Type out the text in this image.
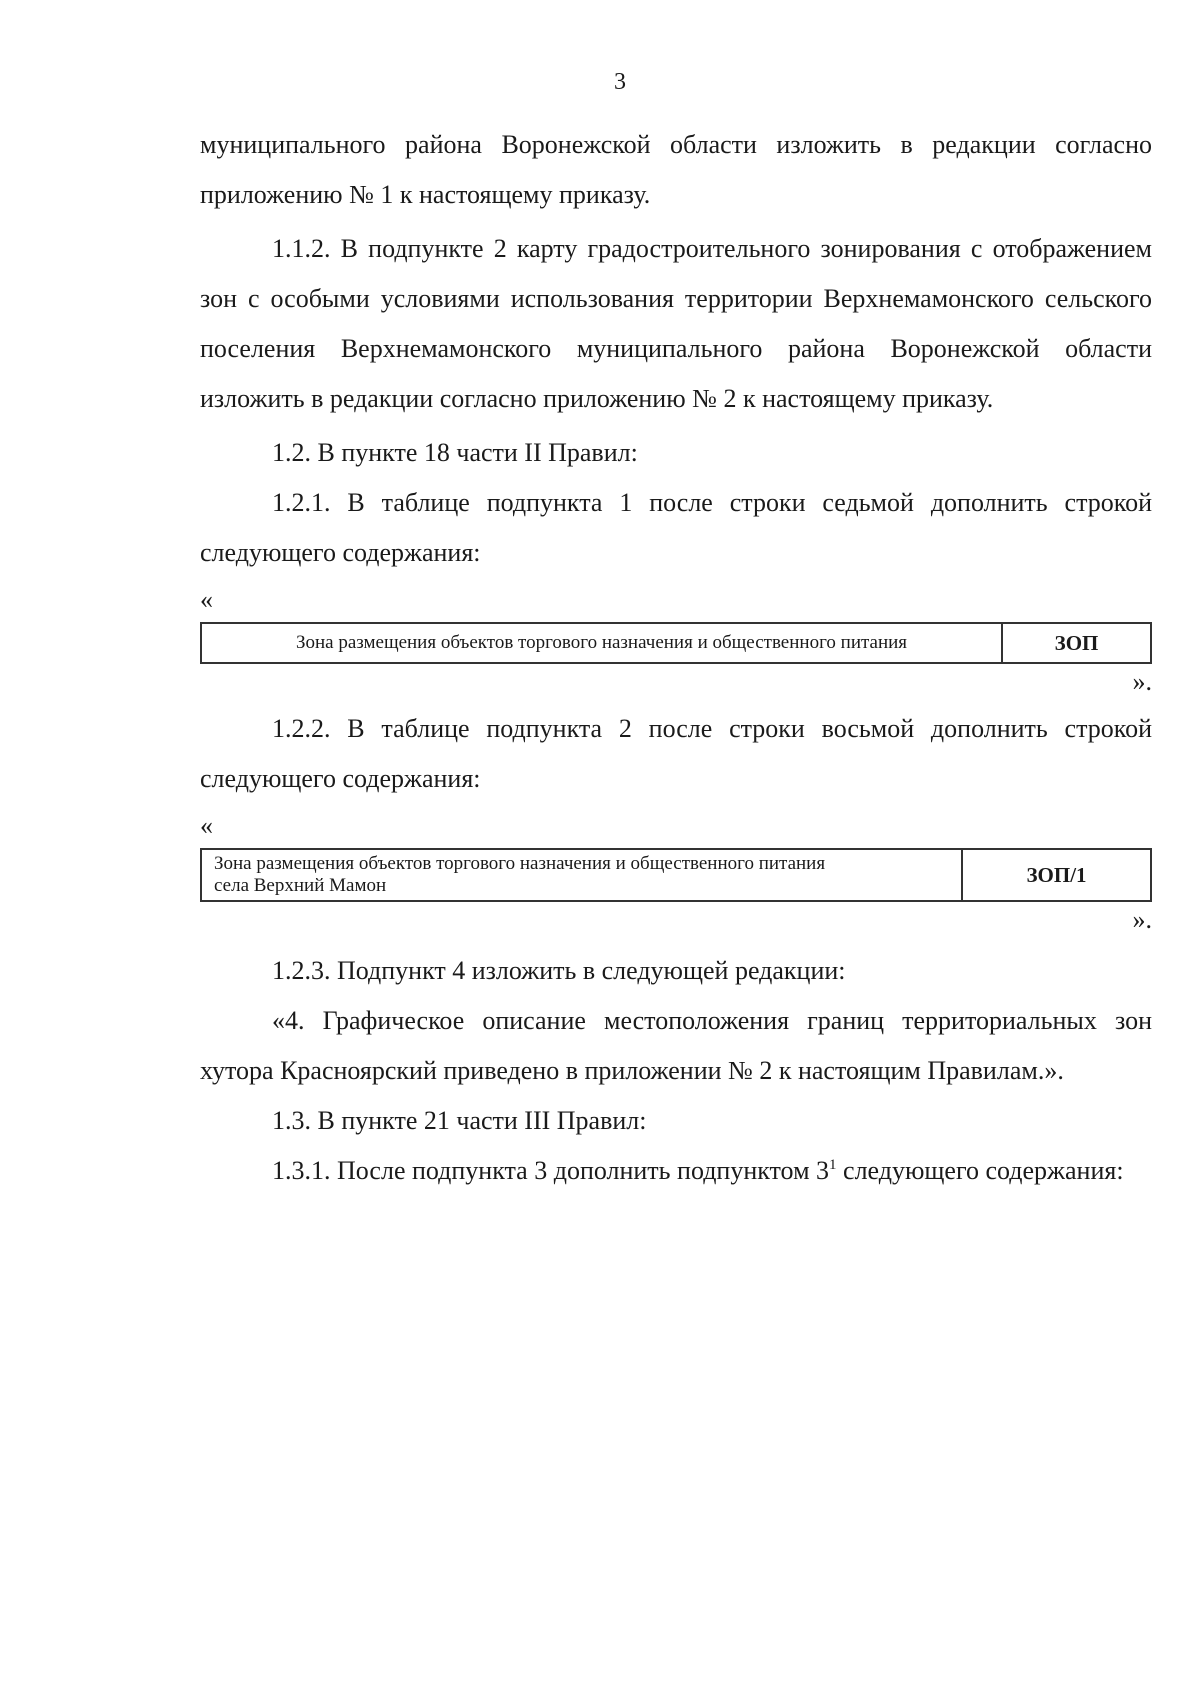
3

муниципального района Воронежской области изложить в редакции согласно приложению № 1 к настоящему приказу.

1.1.2. В подпункте 2 карту градостроительного зонирования с отображением зон с особыми условиями использования территории Верхнемамонского сельского поселения Верхнемамонского муниципального района Воронежской области изложить в редакции согласно приложению № 2 к настоящему приказу.

1.2. В пункте 18 части II Правил:

1.2.1. В таблице подпункта 1 после строки седьмой дополнить строкой следующего содержания:

«

Зона размещения объектов торгового назначения и общественного питания	ЗОП

».

1.2.2. В таблице подпункта 2 после строки восьмой дополнить строкой следующего содержания:

«

Зона размещения объектов торгового назначения и общественного питания
села Верхний Мамон	ЗОП/1

».

1.2.3. Подпункт 4 изложить в следующей редакции:

«4. Графическое описание местоположения границ территориальных зон хутора Красноярский приведено в приложении № 2 к настоящим Правилам.».

1.3. В пункте 21 части III Правил:

1.3.1. После подпункта 3 дополнить подпунктом $3^1$ следующего содержания:
